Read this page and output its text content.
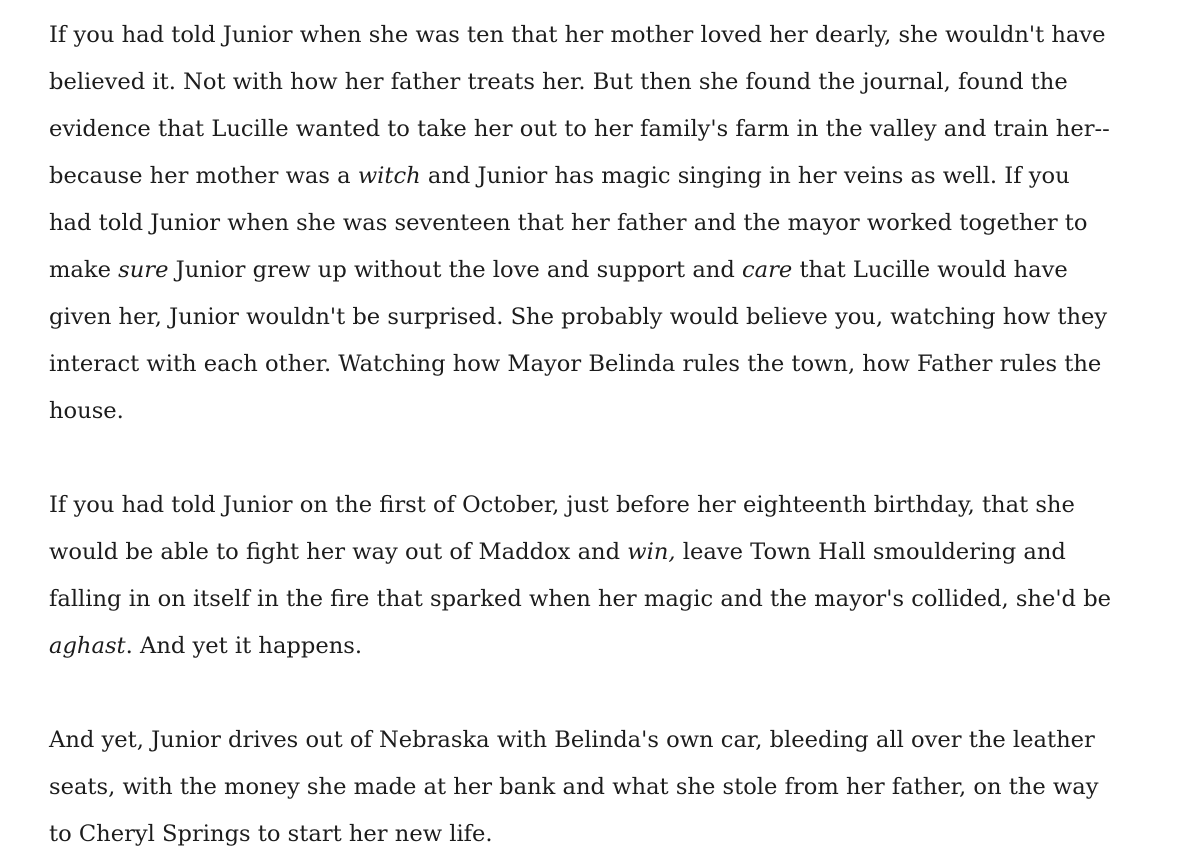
If you had told Junior when she was ten that her mother loved her dearly, she wouldn't have
believed it. Not with how her father treats her. But then she found the journal, found the
evidence that Lucille wanted to take her out to her family's farm in the valley and train her--
because her mother was a witch and Junior has magic singing in her veins as well. If you
had told Junior when she was seventeen that her father and the mayor worked together to
make sure Junior grew up without the love and support and care that Lucille would have
given her, Junior wouldn't be surprised. She probably would believe you, watching how they
interact with each other. Watching how Mayor Belinda rules the town, how Father rules the
house.

If you had told Junior on the first of October, just before her eighteenth birthday, that she
would be able to fight her way out of Maddox and win, leave Town Hall smouldering and
falling in on itself in the fire that sparked when her magic and the mayor's collided, she'd be
aghast. And yet it happens.

And yet, Junior drives out of Nebraska with Belinda's own car, bleeding all over the leather
seats, with the money she made at her bank and what she stole from her father, on the way
to Cheryl Springs to start her new life.
